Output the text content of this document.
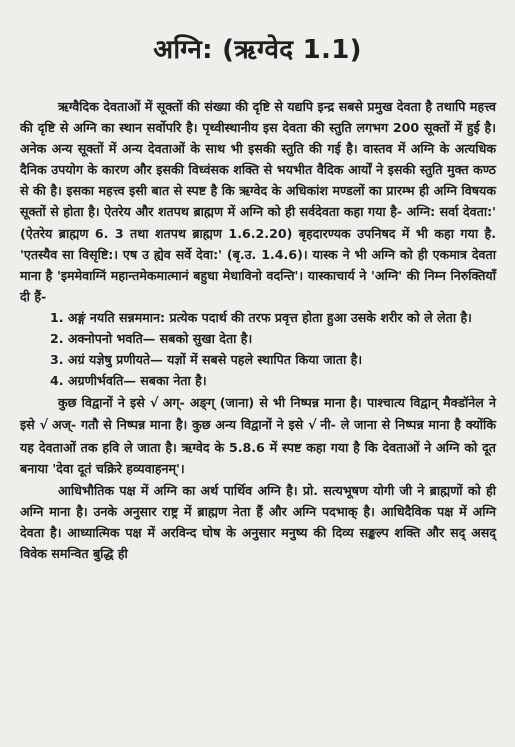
अग्नि: (ऋग्वेद 1.1)

ऋग्वैदिक देवताओं में सूक्तों की संख्या की दृष्टि से यद्यपि इन्द्र सबसे प्रमुख देवता है तथापि महत्त्व की दृष्टि से अग्नि का स्थान सर्वोपरि है। पृथ्वीस्थानीय इस देवता की स्तुति लगभग 200 सूक्तों में हुई है। अनेक अन्य सूक्तों में अन्य देवताओं के साथ भी इसकी स्तुति की गई है। वास्तव में अग्नि के अत्यधिक दैनिक उपयोग के कारण और इसकी विध्वंसक शक्ति से भयभीत वैदिक आर्यों ने इसकी स्तुति मुक्त कण्ठ से की है। इसका महत्त्व इसी बात से स्पष्ट है कि ऋग्वेद के अधिकांश मण्डलों का प्रारम्भ ही अग्नि विषयक सूक्तों से होता है। ऐतरेय और शतपथ ब्राह्मण में अग्नि को ही सर्वदेवता कहा गया है- अग्नि: सर्वा देवता:' (ऐतरेय ब्राह्मण 6. 3 तथा शतपथ ब्राह्मण 1.6.2.20) बृहदारण्यक उपनिषद में भी कहा गया है. 'एतस्यैव सा विसृष्टि:। एष उ ह्येव सर्वे देवा:' (बृ.उ. 1.4.6)। यास्क ने भी अग्नि को ही एकमात्र देवता माना है 'इममेवाग्निं महान्तमेकमात्मानं बहुधा मेधाविनो वदन्ति'। यास्काचार्य ने 'अग्नि' की निम्न निरुक्तियाँ दी हैं-

1. अङ्गं नयति सन्नममान: प्रत्येक पदार्थ की तरफ प्रवृत्त होता हुआ उसके शरीर को ले लेता है।
2. अक्नोपनो भवति— सबको सुखा देता है।
3. अग्रं यज्ञेषु प्रणीयते— यज्ञों में सबसे पहले स्थापित किया जाता है।
4. अग्रणीर्भवति— सबका नेता है।

कुछ विद्वानों ने इसे √ अग्- अङ्ग् (जाना) से भी निष्पन्न माना है। पाश्चात्य विद्वान् मैक्डॉनेल ने इसे √ अज्- गतौ से निष्पन्न माना है। कुछ अन्य विद्वानों ने इसे √ नी- ले जाना से निष्पन्न माना है क्योंकि यह देवताओं तक हवि ले जाता है। ऋग्वेद के 5.8.6 में स्पष्ट कहा गया है कि देवताओं ने अग्नि को दूत बनाया 'देवा दूतं चक्रिरे हव्यवाहनम्'।

आधिभौतिक पक्ष में अग्नि का अर्थ पार्थिव अग्नि है। प्रो. सत्यभूषण योगी जी ने ब्राह्मणों को ही अग्नि माना है। उनके अनुसार राष्ट्र में ब्राह्मण नेता हैं और अग्नि पदभाक् है। आधिदैविक पक्ष में अग्नि देवता है। आध्यात्मिक पक्ष में अरविन्द घोष के अनुसार मनुष्य की दिव्य सङ्कल्प शक्ति और सद् असद् विवेक समन्वित बुद्धि ही
